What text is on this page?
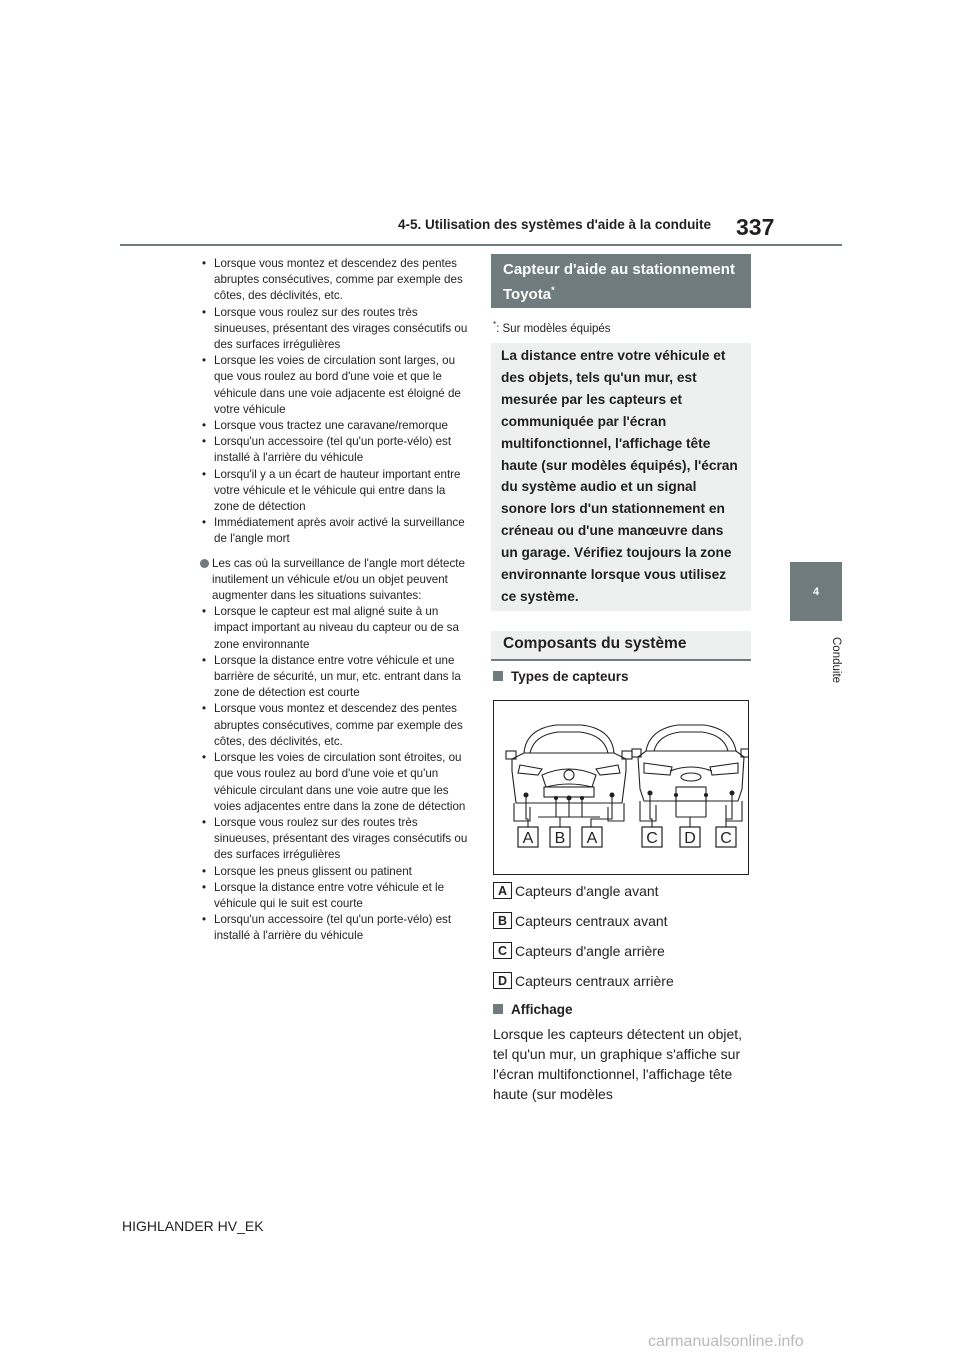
4-5. Utilisation des systèmes d'aide à la conduite 337
4
Conduite
• Lorsque vous montez et descendez des pentes abruptes consécutives, comme par exemple des côtes, des déclivités, etc.
• Lorsque vous roulez sur des routes très sinueuses, présentant des virages consécutifs ou des surfaces irrégulières
• Lorsque les voies de circulation sont larges, ou que vous roulez au bord d'une voie et que le véhicule dans une voie adjacente est éloigné de votre véhicule
• Lorsque vous tractez une caravane/remorque
• Lorsqu'un accessoire (tel qu'un porte-vélo) est installé à l'arrière du véhicule
• Lorsqu'il y a un écart de hauteur important entre votre véhicule et le véhicule qui entre dans la zone de détection
• Immédiatement après avoir activé la surveillance de l'angle mort
Les cas où la surveillance de l'angle mort détecte inutilement un véhicule et/ou un objet peuvent augmenter dans les situations suivantes:
• Lorsque le capteur est mal aligné suite à un impact important au niveau du capteur ou de sa zone environnante
• Lorsque la distance entre votre véhicule et une barrière de sécurité, un mur, etc. entrant dans la zone de détection est courte
• Lorsque vous montez et descendez des pentes abruptes consécutives, comme par exemple des côtes, des déclivités, etc.
• Lorsque les voies de circulation sont étroites, ou que vous roulez au bord d'une voie et qu'un véhicule circulant dans une voie autre que les voies adjacentes entre dans la zone de détection
• Lorsque vous roulez sur des routes très sinueuses, présentant des virages consécutifs ou des surfaces irrégulières
• Lorsque les pneus glissent ou patinent
• Lorsque la distance entre votre véhicule et le véhicule qui le suit est courte
• Lorsqu'un accessoire (tel qu'un porte-vélo) est installé à l'arrière du véhicule
Capteur d'aide au stationnement Toyota*
*: Sur modèles équipés
La distance entre votre véhicule et des objets, tels qu'un mur, est mesurée par les capteurs et communiquée par l'écran multifonctionnel, l'affichage tête haute (sur modèles équipés), l'écran du système audio et un signal sonore lors d'un stationnement en créneau ou d'une manœuvre dans un garage. Vérifiez toujours la zone environnante lorsque vous utilisez ce système.
Composants du système
Types de capteurs
A B A	C D C
A Capteurs d'angle avant
B Capteurs centraux avant
C Capteurs d'angle arrière
D Capteurs centraux arrière
Affichage
Lorsque les capteurs détectent un objet, tel qu'un mur, un graphique s'affiche sur l'écran multifonctionnel, l'affichage tête haute (sur modèles
HIGHLANDER HV_EK
carmanualsonline.info
